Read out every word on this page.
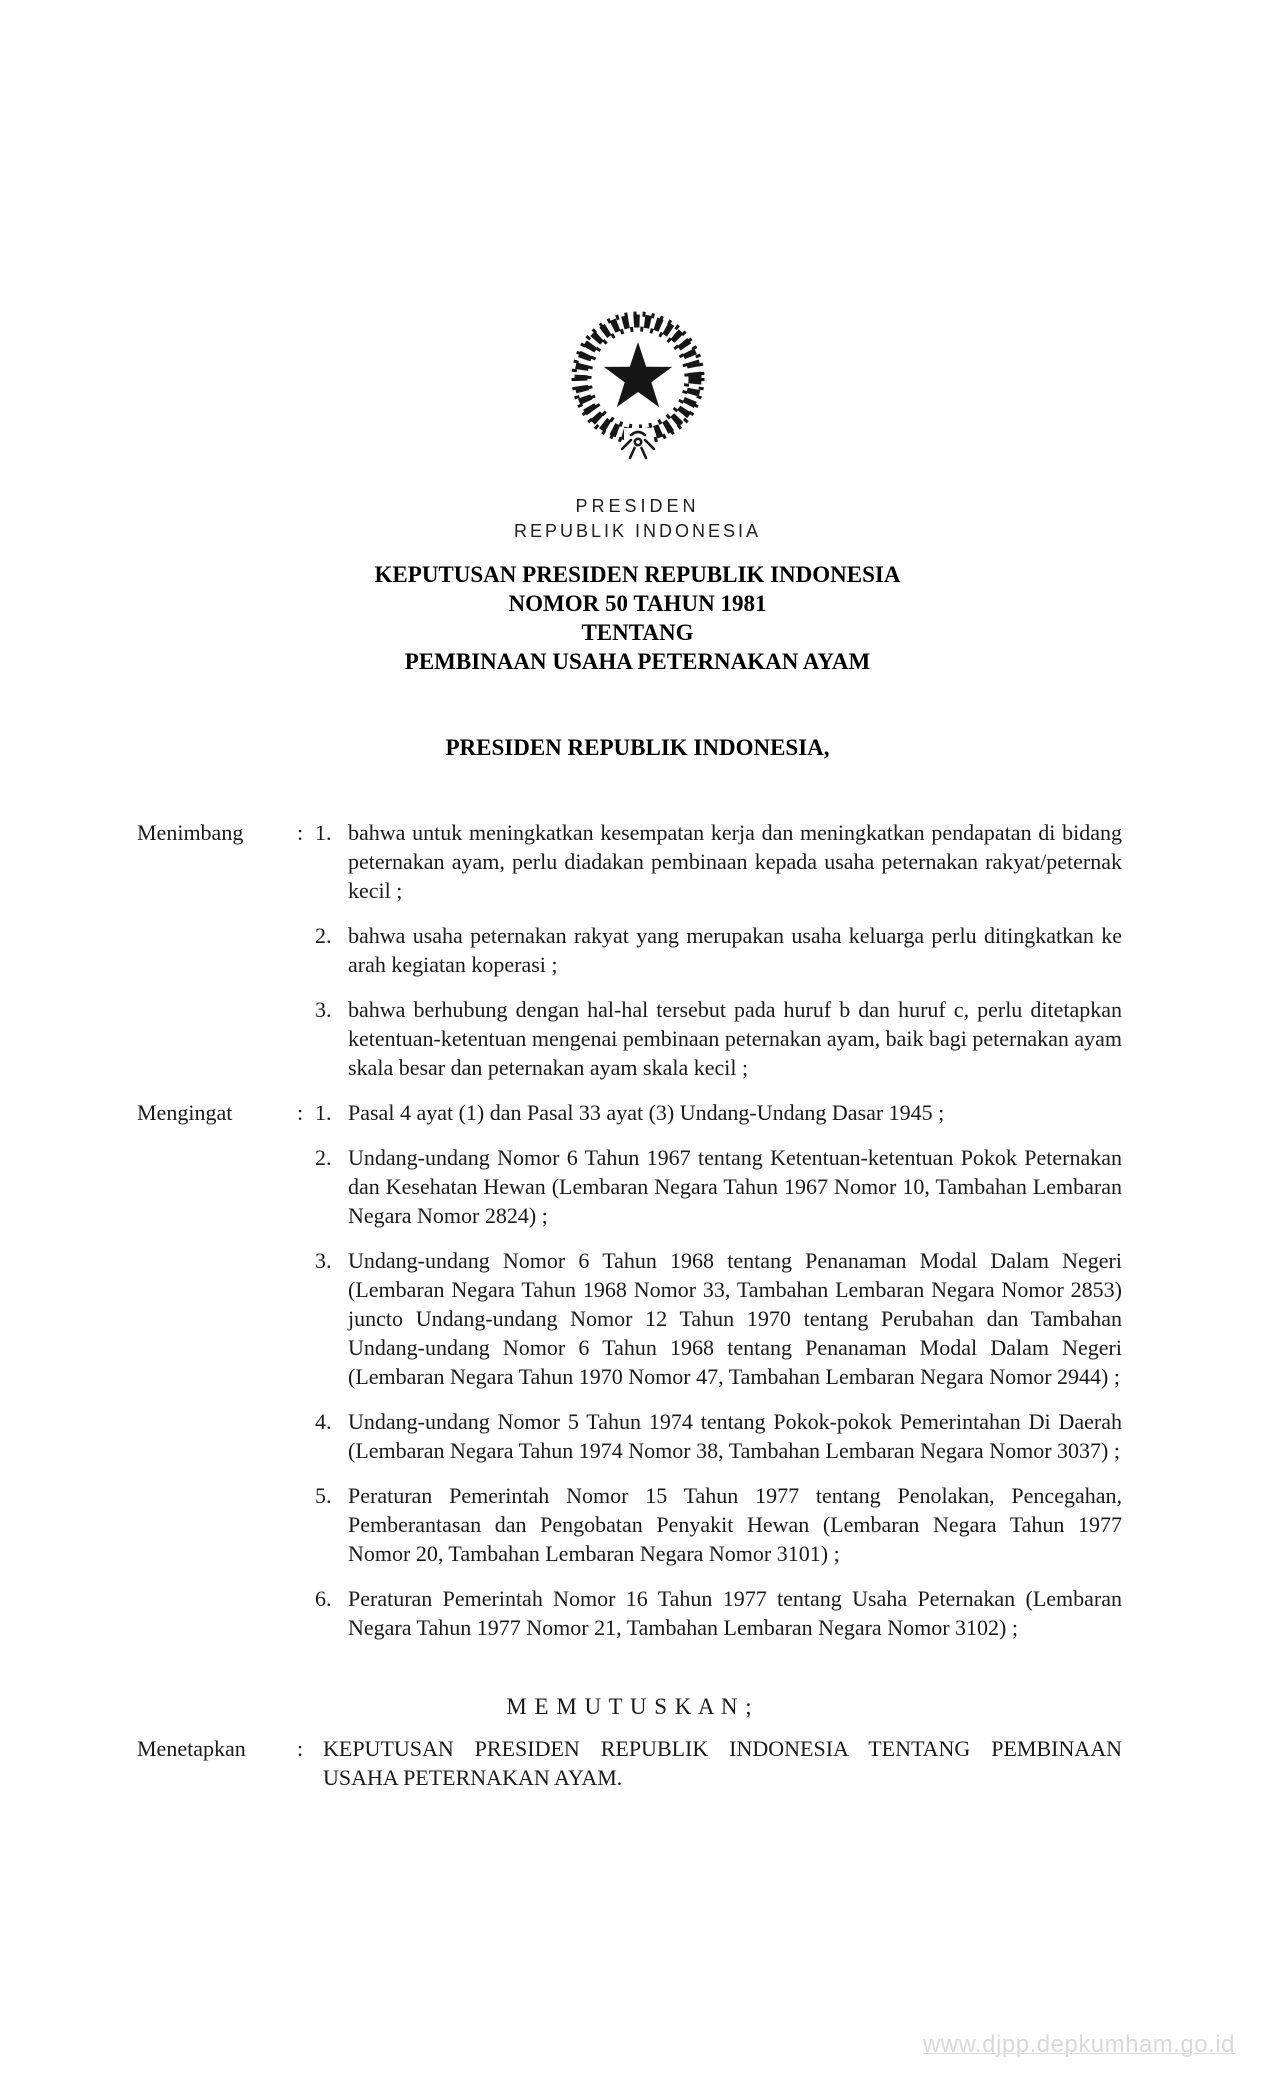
PRESIDEN
REPUBLIK INDONESIA
KEPUTUSAN PRESIDEN REPUBLIK INDONESIA
NOMOR 50 TAHUN 1981
TENTANG
PEMBINAAN USAHA PETERNAKAN AYAM
PRESIDEN REPUBLIK INDONESIA,
Menimbang	: 1. bahwa untuk meningkatkan kesempatan kerja dan meningkatkan pendapatan di bidang peternakan ayam, perlu diadakan pembinaan kepada usaha peternakan rakyat/peternak kecil ;
2. bahwa usaha peternakan rakyat yang merupakan usaha keluarga perlu ditingkatkan ke arah kegiatan koperasi ;
3. bahwa berhubung dengan hal-hal tersebut pada huruf b dan huruf c, perlu ditetapkan ketentuan-ketentuan mengenai pembinaan peternakan ayam, baik bagi peternakan ayam skala besar dan peternakan ayam skala kecil ;
Mengingat	: 1. Pasal 4 ayat (1) dan Pasal 33 ayat (3) Undang-Undang Dasar 1945 ;
2. Undang-undang Nomor 6 Tahun 1967 tentang Ketentuan-ketentuan Pokok Peternakan dan Kesehatan Hewan (Lembaran Negara Tahun 1967 Nomor 10, Tambahan Lembaran Negara Nomor 2824) ;
3. Undang-undang Nomor 6 Tahun 1968 tentang Penanaman Modal Dalam Negeri (Lembaran Negara Tahun 1968 Nomor 33, Tambahan Lembaran Negara Nomor 2853) juncto Undang-undang Nomor 12 Tahun 1970 tentang Perubahan dan Tambahan Undang-undang Nomor 6 Tahun 1968 tentang Penanaman Modal Dalam Negeri (Lembaran Negara Tahun 1970 Nomor 47, Tambahan Lembaran Negara Nomor 2944) ;
4. Undang-undang Nomor 5 Tahun 1974 tentang Pokok-pokok Pemerintahan Di Daerah (Lembaran Negara Tahun 1974 Nomor 38, Tambahan Lembaran Negara Nomor 3037) ;
5. Peraturan Pemerintah Nomor 15 Tahun 1977 tentang Penolakan, Pencegahan, Pemberantasan dan Pengobatan Penyakit Hewan (Lembaran Negara Tahun 1977 Nomor 20, Tambahan Lembaran Negara Nomor 3101) ;
6. Peraturan Pemerintah Nomor 16 Tahun 1977 tentang Usaha Peternakan (Lembaran Negara Tahun 1977 Nomor 21, Tambahan Lembaran Negara Nomor 3102) ;
M E M U T U S K A N ;
Menetapkan	: KEPUTUSAN PRESIDEN REPUBLIK INDONESIA TENTANG PEMBINAAN USAHA PETERNAKAN AYAM.
www.djpp.depkumham.go.id
